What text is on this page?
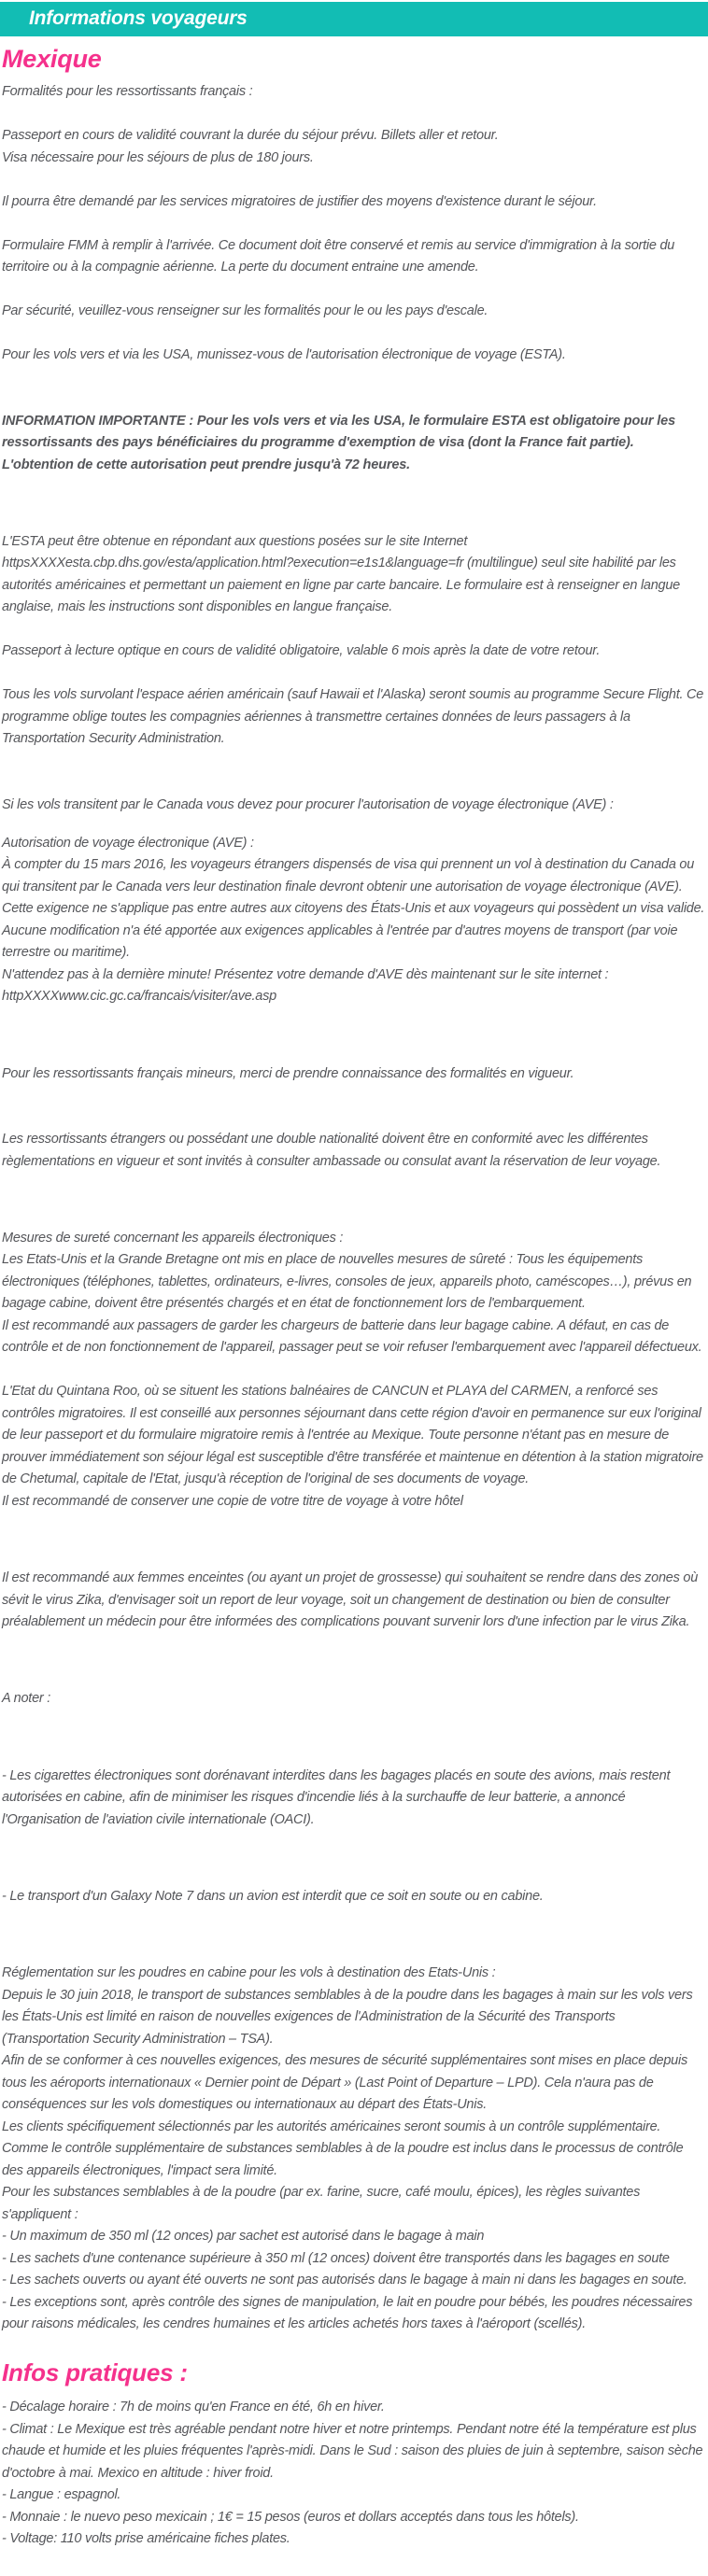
Informations voyageurs
Mexique

Formalités pour les ressortissants français :

Passeport en cours de validité couvrant la durée du séjour prévu. Billets aller et retour.

Visa nécessaire pour les séjours de plus de 180 jours.

Il pourra être demandé par les services migratoires de justifier des moyens d'existence durant le séjour.

Formulaire FMM à remplir à l'arrivée. Ce document doit être conservé et remis au service d'immigration à la sortie du territoire ou à la compagnie aérienne. La perte du document entraine une amende.

Par sécurité, veuillez-vous renseigner sur les formalités pour le ou les pays d'escale.

Pour les vols vers et via les USA, munissez-vous de l'autorisation électronique de voyage (ESTA).

INFORMATION IMPORTANTE : Pour les vols vers et via les USA, le formulaire ESTA est obligatoire pour les ressortissants des pays bénéficiaires du programme d'exemption de visa (dont la France fait partie). L'obtention de cette autorisation peut prendre jusqu'à 72 heures.

L'ESTA peut être obtenue en répondant aux questions posées sur le site Internet httpsXXXXesta.cbp.dhs.gov/esta/application.html?execution=e1s1&language=fr (multilingue) seul site habilité par les autorités américaines et permettant un paiement en ligne par carte bancaire. Le formulaire est à renseigner en langue anglaise, mais les instructions sont disponibles en langue française.

Passeport à lecture optique en cours de validité obligatoire, valable 6 mois après la date de votre retour.

Tous les vols survolant l'espace aérien américain (sauf Hawaii et l'Alaska) seront soumis au programme Secure Flight. Ce programme oblige toutes les compagnies aériennes à transmettre certaines données de leurs passagers à la Transportation Security Administration.

Si les vols transitent par le Canada vous devez pour procurer l'autorisation de voyage électronique (AVE) :

Autorisation de voyage électronique (AVE) :

À compter du 15 mars 2016, les voyageurs étrangers dispensés de visa qui prennent un vol à destination du Canada ou qui transitent par le Canada vers leur destination finale devront obtenir une autorisation de voyage électronique (AVE). Cette exigence ne s'applique pas entre autres aux citoyens des États-Unis et aux voyageurs qui possèdent un visa valide. Aucune modification n'a été apportée aux exigences applicables à l'entrée par d'autres moyens de transport (par voie terrestre ou maritime).

N'attendez pas à la dernière minute! Présentez votre demande d'AVE dès maintenant sur le site internet :

httpXXXXwww.cic.gc.ca/francais/visiter/ave.asp

Pour les ressortissants français mineurs, merci de prendre connaissance des formalités en vigueur.

Les ressortissants étrangers ou possédant une double nationalité doivent être en conformité avec les différentes règlementations en vigueur et sont invités à consulter ambassade ou consulat avant la réservation de leur voyage.

Mesures de sureté concernant les appareils électroniques :

Les Etats-Unis et la Grande Bretagne ont mis en place de nouvelles mesures de sûreté : Tous les équipements électroniques (téléphones, tablettes, ordinateurs, e-livres, consoles de jeux, appareils photo, caméscopes…), prévus en bagage cabine, doivent être présentés chargés et en état de fonctionnement lors de l'embarquement.

Il est recommandé aux passagers de garder les chargeurs de batterie dans leur bagage cabine. A défaut, en cas de contrôle et de non fonctionnement de l'appareil, passager peut se voir refuser l'embarquement avec l'appareil défectueux.

L'Etat du Quintana Roo, où se situent les stations balnéaires de CANCUN et PLAYA del CARMEN, a renforcé ses contrôles migratoires. Il est conseillé aux personnes séjournant dans cette région d'avoir en permanence sur eux l'original de leur passeport et du formulaire migratoire remis à l'entrée au Mexique. Toute personne n'étant pas en mesure de prouver immédiatement son séjour légal est susceptible d'être transférée et maintenue en détention à la station migratoire de Chetumal, capitale de l'Etat, jusqu'à réception de l'original de ses documents de voyage.

Il est recommandé de conserver une copie de votre titre de voyage à votre hôtel

Il est recommandé aux femmes enceintes (ou ayant un projet de grossesse) qui souhaitent se rendre dans des zones où sévit le virus Zika, d'envisager soit un report de leur voyage, soit un changement de destination ou bien de consulter préalablement un médecin pour être informées des complications pouvant survenir lors d'une infection par le virus Zika.

A noter :

- Les cigarettes électroniques sont dorénavant interdites dans les bagages placés en soute des avions, mais restent autorisées en cabine, afin de minimiser les risques d'incendie liés à la surchauffe de leur batterie, a annoncé l'Organisation de l'aviation civile internationale (OACI).

- Le transport d'un Galaxy Note 7 dans un avion est interdit que ce soit en soute ou en cabine.

Réglementation sur les poudres en cabine pour les vols à destination des Etats-Unis :

Depuis le 30 juin 2018, le transport de substances semblables à de la poudre dans les bagages à main sur les vols vers les États-Unis est limité en raison de nouvelles exigences de l'Administration de la Sécurité des Transports (Transportation Security Administration – TSA).

Afin de se conformer à ces nouvelles exigences, des mesures de sécurité supplémentaires sont mises en place depuis tous les aéroports internationaux « Dernier point de Départ » (Last Point of Departure – LPD). Cela n'aura pas de conséquences sur les vols domestiques ou internationaux au départ des États-Unis.

Les clients spécifiquement sélectionnés par les autorités américaines seront soumis à un contrôle supplémentaire.

Comme le contrôle supplémentaire de substances semblables à de la poudre est inclus dans le processus de contrôle des appareils électroniques, l'impact sera limité.

Pour les substances semblables à de la poudre (par ex. farine, sucre, café moulu, épices), les règles suivantes s'appliquent :

- Un maximum de 350 ml (12 onces) par sachet est autorisé dans le bagage à main

- Les sachets d'une contenance supérieure à 350 ml (12 onces) doivent être transportés dans les bagages en soute

- Les sachets ouverts ou ayant été ouverts ne sont pas autorisés dans le bagage à main ni dans les bagages en soute.

- Les exceptions sont, après contrôle des signes de manipulation, le lait en poudre pour bébés, les poudres nécessaires pour raisons médicales, les cendres humaines et les articles achetés hors taxes à l'aéroport (scellés).

Infos pratiques :

- Décalage horaire : 7h de moins qu'en France en été, 6h en hiver.

- Climat : Le Mexique est très agréable pendant notre hiver et notre printemps. Pendant notre été la température est plus chaude et humide et les pluies fréquentes l'après-midi. Dans le Sud : saison des pluies de juin à septembre, saison sèche d'octobre à mai. Mexico en altitude : hiver froid.

- Langue : espagnol.

- Monnaie : le nuevo peso mexicain ; 1€ = 15 pesos (euros et dollars acceptés dans tous les hôtels).

- Voltage: 110 volts prise américaine fiches plates.
